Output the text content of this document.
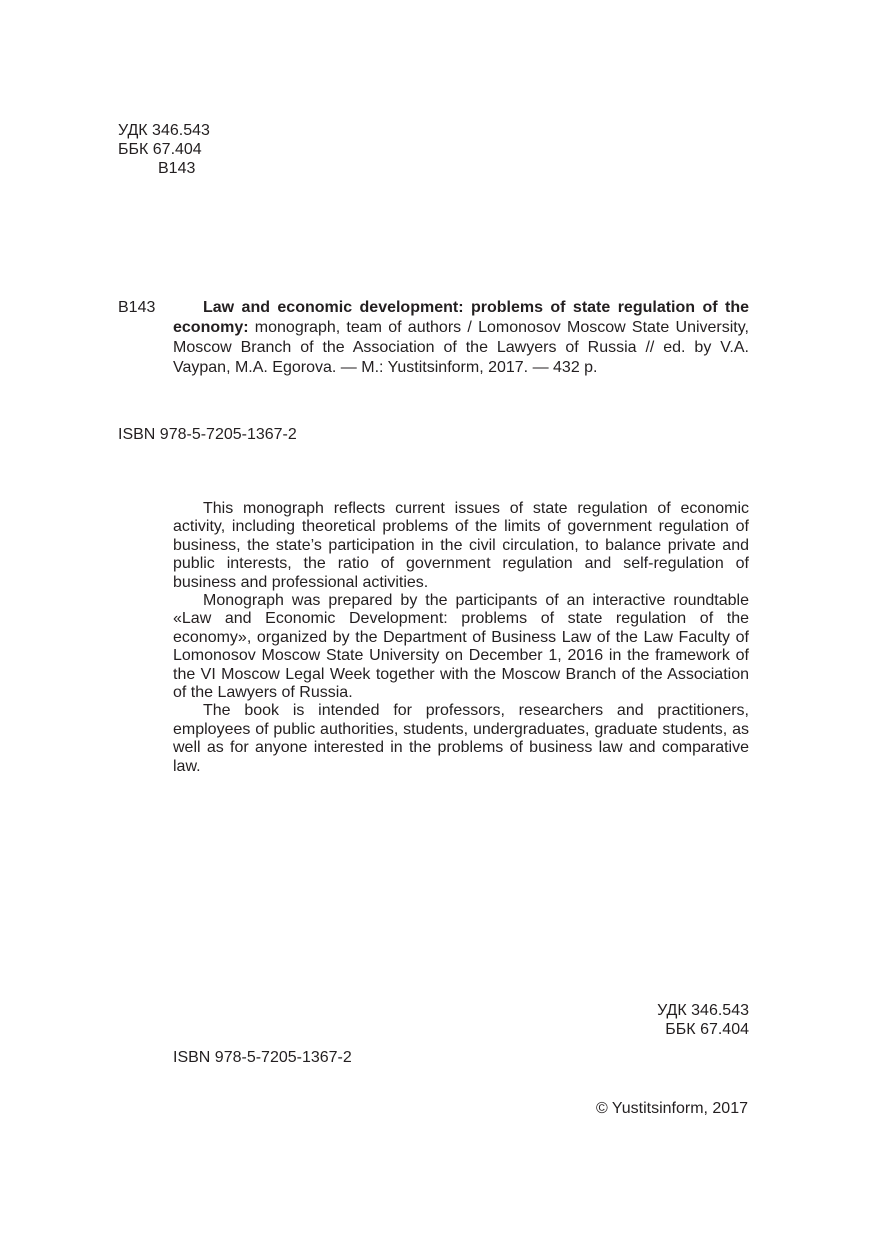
УДК 346.543
ББК 67.404
В143
В143	Law and economic development: problems of state regulation of the economy: monograph, team of authors / Lomonosov Moscow State University, Moscow Branch of the Association of the Lawyers of Russia // ed. by V.A. Vaypan, M.A. Egorova. — M.: Yustitsinform, 2017. — 432 p.
ISBN 978-5-7205-1367-2

This monograph reflects current issues of state regulation of economic activity, including theoretical problems of the limits of government regulation of business, the state’s participation in the civil circulation, to balance private and public interests, the ratio of government regulation and self-regulation of business and professional activities.

Monograph was prepared by the participants of an interactive roundtable «Law and Economic Development: problems of state regulation of the economy», organized by the Department of Business Law of the Law Faculty of Lomonosov Moscow State University on December 1, 2016 in the framework of the VI Moscow Legal Week together with the Moscow Branch of the Association of the Lawyers of Russia.

The book is intended for professors, researchers and practitioners, employees of public authorities, students, undergraduates, graduate students, as well as for anyone interested in the problems of business law and comparative law.

УДК 346.543
ББК 67.404
ISBN 978-5-7205-1367-2
© Yustitsinform, 2017
